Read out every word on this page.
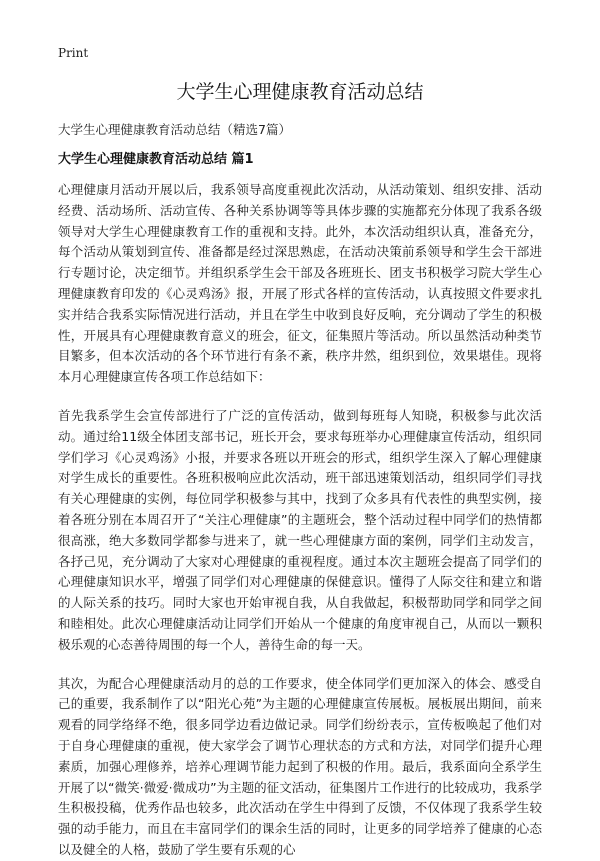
Print
大学生心理健康教育活动总结

大学生心理健康教育活动总结（精选7篇）

大学生心理健康教育活动总结 篇1

心理健康月活动开展以后，我系领导高度重视此次活动，从活动策划、组织安排、活动经费、活动场所、活动宣传、各种关系协调等等具体步骤的实施都充分体现了我系各级领导对大学生心理健康教育工作的重视和支持。此外，本次活动组织认真，准备充分，每个活动从策划到宣传、准备都是经过深思熟虑，在活动决策前系领导和学生会干部进行专题讨论，决定细节。并组织系学生会干部及各班班长、团支书积极学习院大学生心理健康教育印发的《心灵鸡汤》报，开展了形式各样的宣传活动，认真按照文件要求扎实并结合我系实际情况进行活动，并且在学生中收到良好反响，充分调动了学生的积极性，开展具有心理健康教育意义的班会，征文，征集照片等活动。所以虽然活动种类节目繁多，但本次活动的各个环节进行有条不紊，秩序井然，组织到位，效果堪佳。现将本月心理健康宣传各项工作总结如下：

首先我系学生会宣传部进行了广泛的宣传活动，做到每班每人知晓，积极参与此次活动。通过给11级全体团支部书记，班长开会，要求每班举办心理健康宣传活动，组织同学们学习《心灵鸡汤》小报，并要求各班以开班会的形式，组织学生深入了解心理健康对学生成长的重要性。各班积极响应此次活动，班干部迅速策划活动，组织同学们寻找有关心理健康的实例，每位同学积极参与其中，找到了众多具有代表性的典型实例，接着各班分别在本周召开了“关注心理健康”的主题班会，整个活动过程中同学们的热情都很高涨，绝大多数同学都参与进来了，就一些心理健康方面的案例，同学们主动发言，各抒己见，充分调动了大家对心理健康的重视程度。通过本次主题班会提高了同学们的心理健康知识水平，增强了同学们对心理健康的保健意识。懂得了人际交往和建立和谐的人际关系的技巧。同时大家也开始审视自我，从自我做起，积极帮助同学和同学之间和睦相处。此次心理健康活动让同学们开始从一个健康的角度审视自己，从而以一颗积极乐观的心态善待周围的每一个人，善待生命的每一天。

其次，为配合心理健康活动月的总的工作要求，使全体同学们更加深入的体会、感受自己的重要，我系制作了以“阳光心苑”为主题的心理健康宣传展板。展板展出期间，前来观看的同学络绎不绝，很多同学边看边做记录。同学们纷纷表示，宣传板唤起了他们对于自身心理健康的重视，使大家学会了调节心理状态的方式和方法，对同学们提升心理素质，加强心理修养，培养心理调节能力起到了积极的作用。最后，我系面向全系学生开展了以“微笑·微爱·微成功”为主题的征文活动，征集图片工作进行的比较成功，我系学生积极投稿，优秀作品也较多，此次活动在学生中得到了反馈，不仅体现了我系学生较强的动手能力，而且在丰富同学们的课余生活的同时，让更多的同学培养了健康的心态以及健全的人格，鼓励了学生要有乐观的心
